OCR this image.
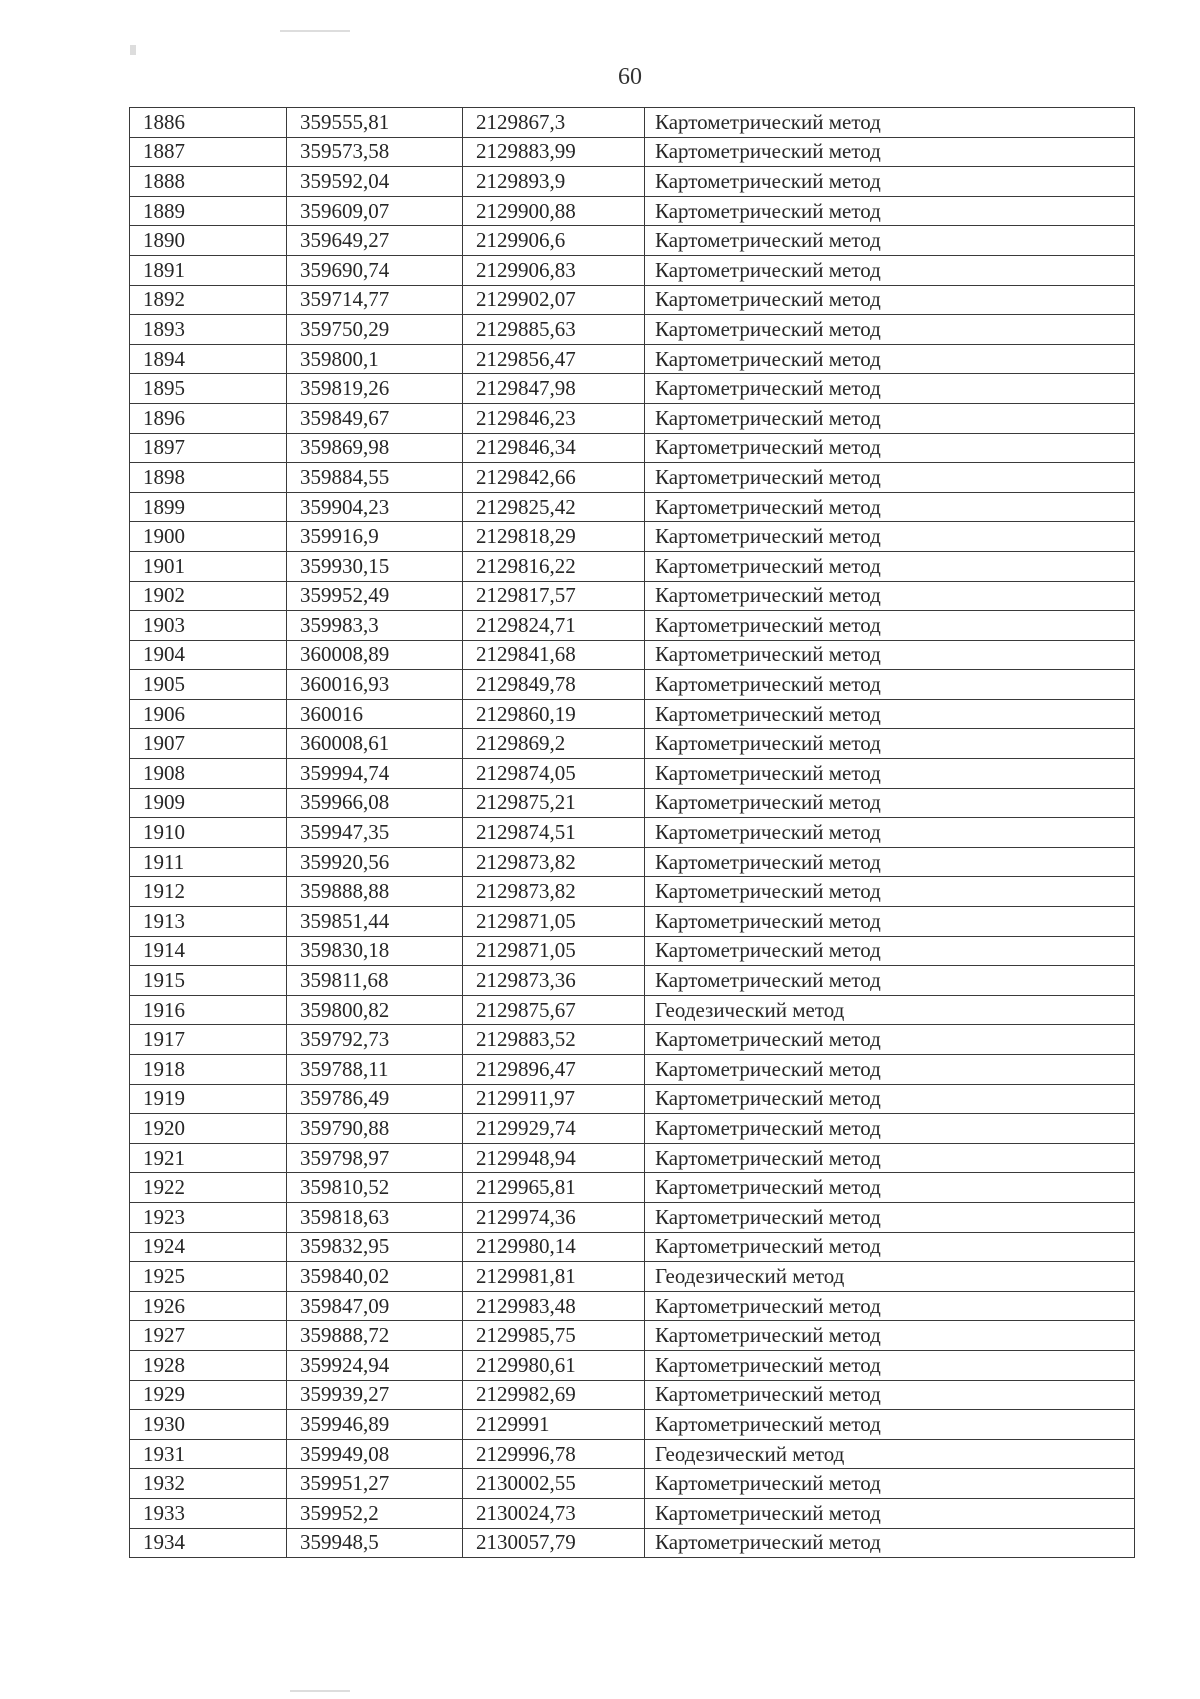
60
1886	359555,81	2129867,3	Картометрический метод
1887	359573,58	2129883,99	Картометрический метод
1888	359592,04	2129893,9	Картометрический метод
1889	359609,07	2129900,88	Картометрический метод
1890	359649,27	2129906,6	Картометрический метод
1891	359690,74	2129906,83	Картометрический метод
1892	359714,77	2129902,07	Картометрический метод
1893	359750,29	2129885,63	Картометрический метод
1894	359800,1	2129856,47	Картометрический метод
1895	359819,26	2129847,98	Картометрический метод
1896	359849,67	2129846,23	Картометрический метод
1897	359869,98	2129846,34	Картометрический метод
1898	359884,55	2129842,66	Картометрический метод
1899	359904,23	2129825,42	Картометрический метод
1900	359916,9	2129818,29	Картометрический метод
1901	359930,15	2129816,22	Картометрический метод
1902	359952,49	2129817,57	Картометрический метод
1903	359983,3	2129824,71	Картометрический метод
1904	360008,89	2129841,68	Картометрический метод
1905	360016,93	2129849,78	Картометрический метод
1906	360016	2129860,19	Картометрический метод
1907	360008,61	2129869,2	Картометрический метод
1908	359994,74	2129874,05	Картометрический метод
1909	359966,08	2129875,21	Картометрический метод
1910	359947,35	2129874,51	Картометрический метод
1911	359920,56	2129873,82	Картометрический метод
1912	359888,88	2129873,82	Картометрический метод
1913	359851,44	2129871,05	Картометрический метод
1914	359830,18	2129871,05	Картометрический метод
1915	359811,68	2129873,36	Картометрический метод
1916	359800,82	2129875,67	Геодезический метод
1917	359792,73	2129883,52	Картометрический метод
1918	359788,11	2129896,47	Картометрический метод
1919	359786,49	2129911,97	Картометрический метод
1920	359790,88	2129929,74	Картометрический метод
1921	359798,97	2129948,94	Картометрический метод
1922	359810,52	2129965,81	Картометрический метод
1923	359818,63	2129974,36	Картометрический метод
1924	359832,95	2129980,14	Картометрический метод
1925	359840,02	2129981,81	Геодезический метод
1926	359847,09	2129983,48	Картометрический метод
1927	359888,72	2129985,75	Картометрический метод
1928	359924,94	2129980,61	Картометрический метод
1929	359939,27	2129982,69	Картометрический метод
1930	359946,89	2129991	Картометрический метод
1931	359949,08	2129996,78	Геодезический метод
1932	359951,27	2130002,55	Картометрический метод
1933	359952,2	2130024,73	Картометрический метод
1934	359948,5	2130057,79	Картометрический метод
